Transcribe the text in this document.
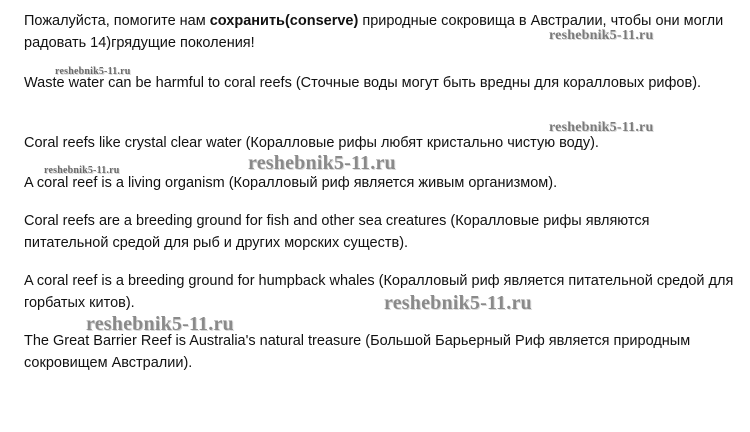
Пожалуйста, помогите нам сохранить(conserve) природные сокровища в Австралии, чтобы они могли радовать 14)грядущие поколения!

Waste water can be harmful to coral reefs (Сточные воды могут быть вредны для коралловых рифов).

Coral reefs like crystal clear water (Коралловые рифы любят кристально чистую воду).

A coral reef is a living organism (Коралловый риф является живым организмом).

Coral reefs are a breeding ground for fish and other sea creatures (Коралловые рифы являются питательной средой для рыб и других морских существ).

A coral reef is a breeding ground for humpback whales (Коралловый риф является питательной средой для горбатых китов).

The Great Barrier Reef is Australia's natural treasure (Большой Барьерный Риф является природным сокровищем Австралии).

reshebnik5-11.ru
reshebnik5-11.ru
reshebnik5-11.ru
reshebnik5-11.ru	reshebnik5-11.ru
reshebnik5-11.ru
reshebnik5-11.ru
